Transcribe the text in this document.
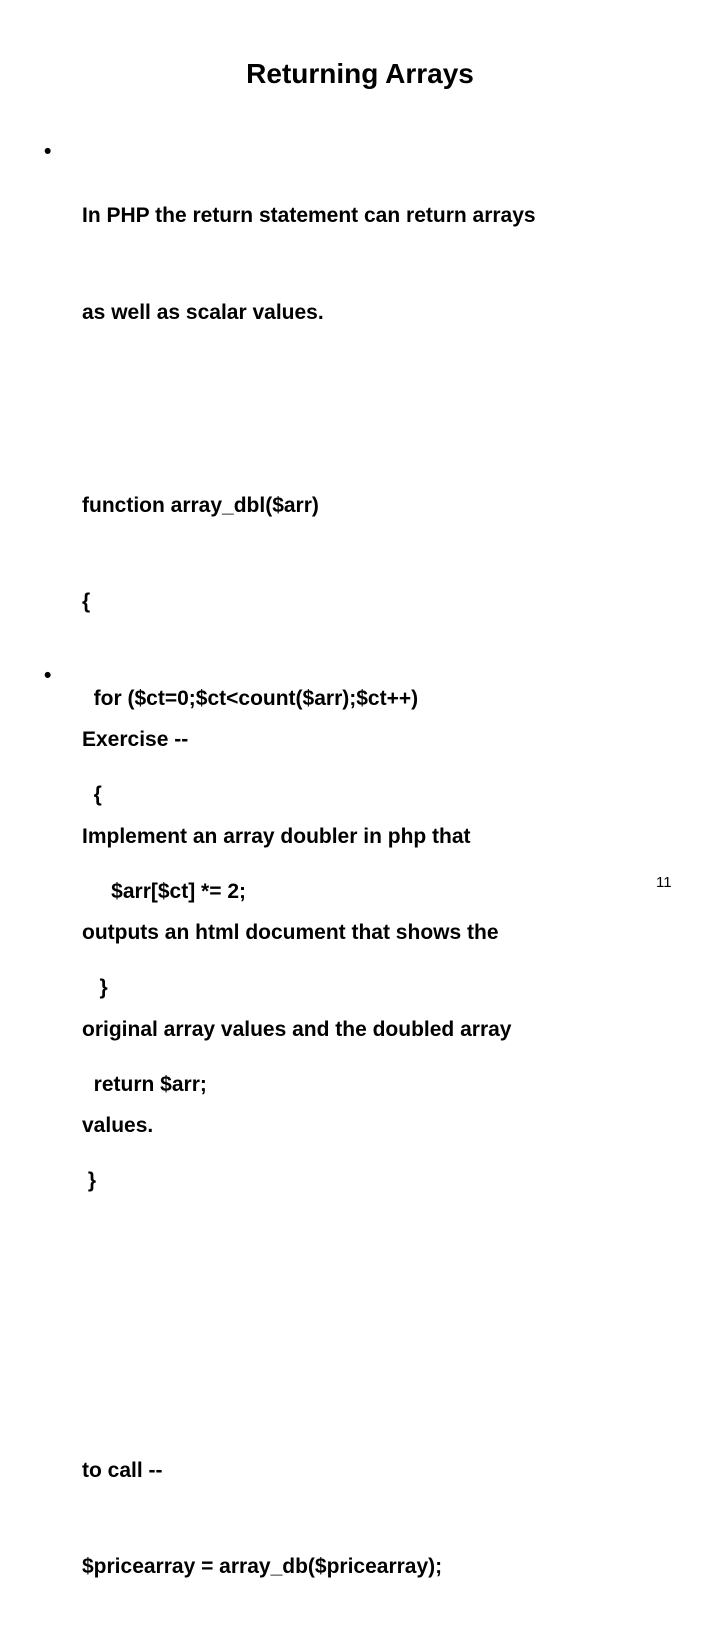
Returning Arrays
•

In PHP the return statement can return arrays

as well as scalar values.

function array_dbl($arr)

{

for ($ct=0;$ct<count($arr);$ct++)

{

$arr[$ct] *= 2;

}

return $arr;

}

to call --

$pricearray = array_db($pricearray);

•

Exercise --

Implement an array doubler in php that

outputs an html document that shows the

original array values and the doubled array

values.

11
